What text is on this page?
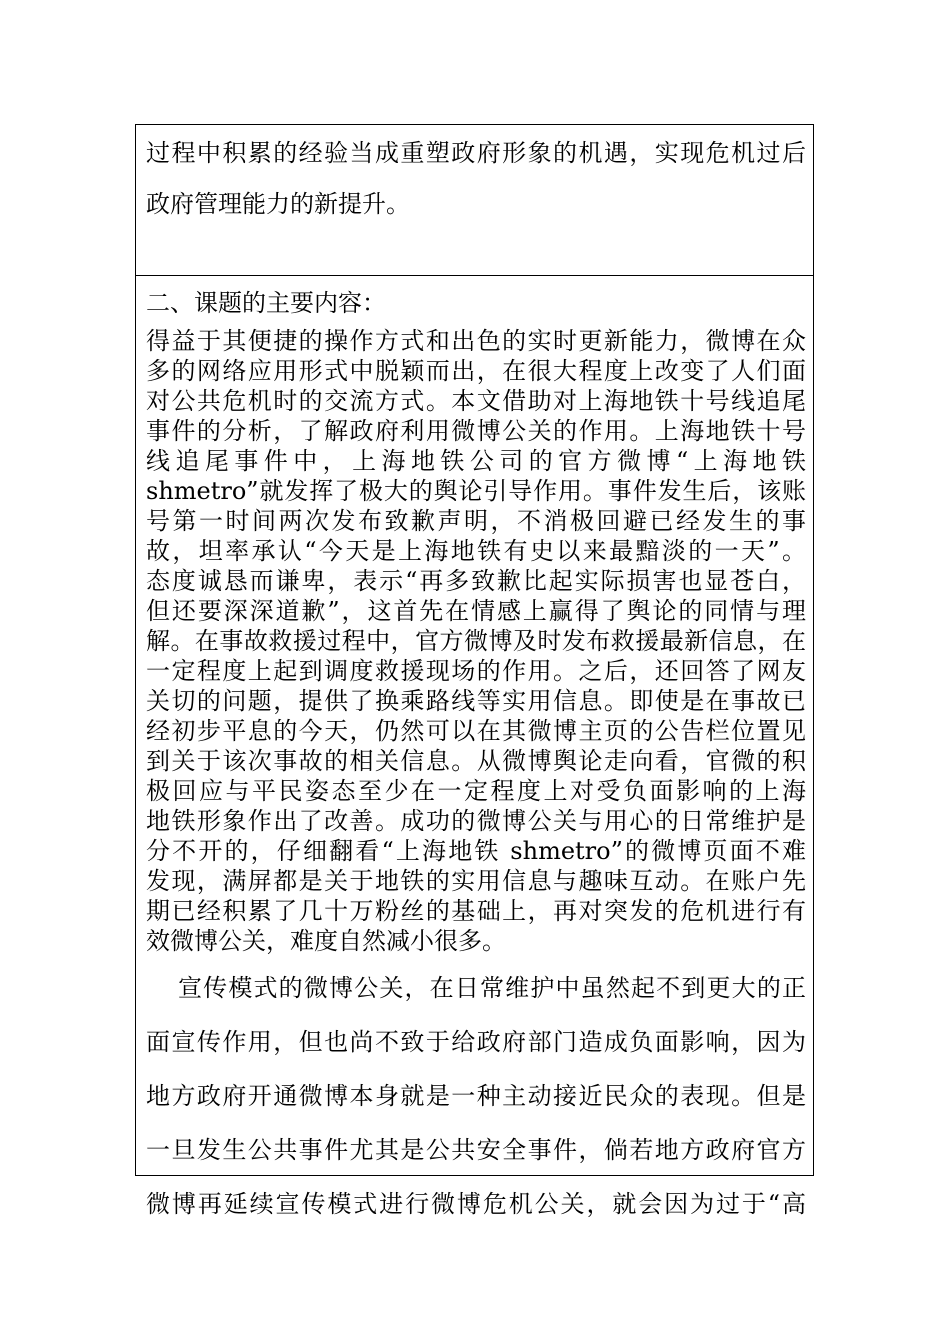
过程中积累的经验当成重塑政府形象的机遇，实现危机过后
政府管理能力的新提升。
二、课题的主要内容：
得益于其便捷的操作方式和出色的实时更新能力，微博在众
多的网络应用形式中脱颖而出，在很大程度上改变了人们面
对公共危机时的交流方式。本文借助对上海地铁十号线追尾
事件的分析，了解政府利用微博公关的作用。上海地铁十号
线追尾事件中，上海地铁公司的官方微博“上海地铁
shmetro”就发挥了极大的舆论引导作用。事件发生后，该账
号第一时间两次发布致歉声明，不消极回避已经发生的事
故，坦率承认“今天是上海地铁有史以来最黯淡的一天”。
态度诚恳而谦卑，表示“再多致歉比起实际损害也显苍白，
但还要深深道歉”，这首先在情感上赢得了舆论的同情与理
解。在事故救援过程中，官方微博及时发布救援最新信息，在
一定程度上起到调度救援现场的作用。之后，还回答了网友
关切的问题，提供了换乘路线等实用信息。即使是在事故已
经初步平息的今天，仍然可以在其微博主页的公告栏位置见
到关于该次事故的相关信息。从微博舆论走向看，官微的积
极回应与平民姿态至少在一定程度上对受负面影响的上海
地铁形象作出了改善。成功的微博公关与用心的日常维护是
分不开的，仔细翻看“上海地铁 shmetro”的微博页面不难
发现，满屏都是关于地铁的实用信息与趣味互动。在账户先
期已经积累了几十万粉丝的基础上，再对突发的危机进行有
效微博公关，难度自然减小很多。
宣传模式的微博公关，在日常维护中虽然起不到更大的正
面宣传作用，但也尚不致于给政府部门造成负面影响，因为
地方政府开通微博本身就是一种主动接近民众的表现。但是
一旦发生公共事件尤其是公共安全事件，倘若地方政府官方
微博再延续宣传模式进行微博危机公关，就会因为过于“高
